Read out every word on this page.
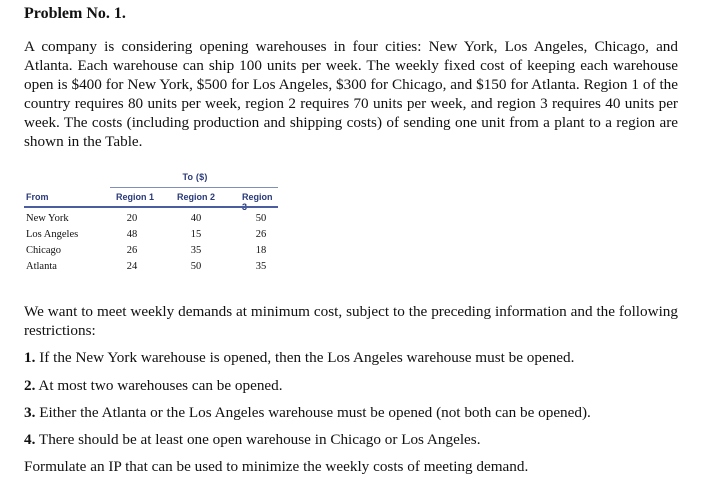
Problem No. 1.

A company is considering opening warehouses in four cities: New York, Los Angeles, Chicago, and Atlanta. Each warehouse can ship 100 units per week. The weekly fixed cost of keeping each warehouse open is $400 for New York, $500 for Los Angeles, $300 for Chicago, and $150 for Atlanta. Region 1 of the country requires 80 units per week, region 2 requires 70 units per week, and region 3 requires 40 units per week. The costs (including production and shipping costs) of sending one unit from a plant to a region are shown in the Table.

To ($)
From	Region 1	Region 2	Region 3
New York	20	40	50
Los Angeles	48	15	26
Chicago	26	35	18
Atlanta	24	50	35

We want to meet weekly demands at minimum cost, subject to the preceding information and the following restrictions:

1. If the New York warehouse is opened, then the Los Angeles warehouse must be opened.

2. At most two warehouses can be opened.

3. Either the Atlanta or the Los Angeles warehouse must be opened (not both can be opened).

4. There should be at least one open warehouse in Chicago or Los Angeles.

Formulate an IP that can be used to minimize the weekly costs of meeting demand.
